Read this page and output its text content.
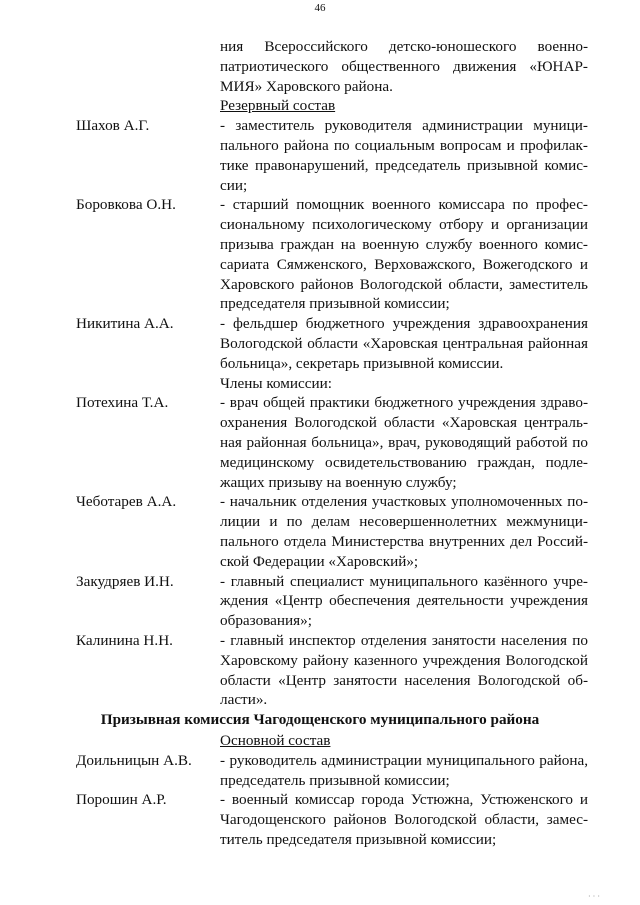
46
ния Всероссийского детско-юношеского военно-
патриотического общественного движения «ЮНАР-
МИЯ» Харовского района.
Резервный состав
Шахов А.Г.	- заместитель руководителя администрации муници-
пального района по социальным вопросам и профилак-
тике правонарушений, председатель призывной комис-
сии;
Боровкова О.Н.	- старший помощник военного комиссара по профес-
сиональному психологическому отбору и организации
призыва граждан на военную службу военного комис-
сариата Сямженского, Верховажского, Вожегодского и
Харовского районов Вологодской области, заместитель
председателя призывной комиссии;
Никитина А.А.	- фельдшер бюджетного учреждения здравоохранения
Вологодской области «Харовская центральная районная
больница», секретарь призывной комиссии.
Члены комиссии:
Потехина Т.А.	- врач общей практики бюджетного учреждения здраво-
охранения Вологодской области «Харовская централь-
ная районная больница», врач, руководящий работой по
медицинскому освидетельствованию граждан, подле-
жащих призыву на военную службу;
Чеботарев А.А.	- начальник отделения участковых уполномоченных по-
лиции и по делам несовершеннолетних межмуници-
пального отдела Министерства внутренних дел Россий-
ской Федерации «Харовский»;
Закудряев И.Н.	- главный специалист муниципального казённого учре-
ждения «Центр обеспечения деятельности учреждения
образования»;
Калинина Н.Н.	- главный инспектор отделения занятости населения по
Харовскому району казенного учреждения Вологодской
области «Центр занятости населения Вологодской об-
ласти».
Призывная комиссия Чагодощенского муниципального района
Основной состав
Доильницын А.В. - руководитель администрации муниципального района,
председатель призывной комиссии;
Порошин А.Р.	- военный комиссар города Устюжна, Устюженского и
Чагодощенского районов Вологодской области, замес-
титель председателя призывной комиссии;
· · ·
